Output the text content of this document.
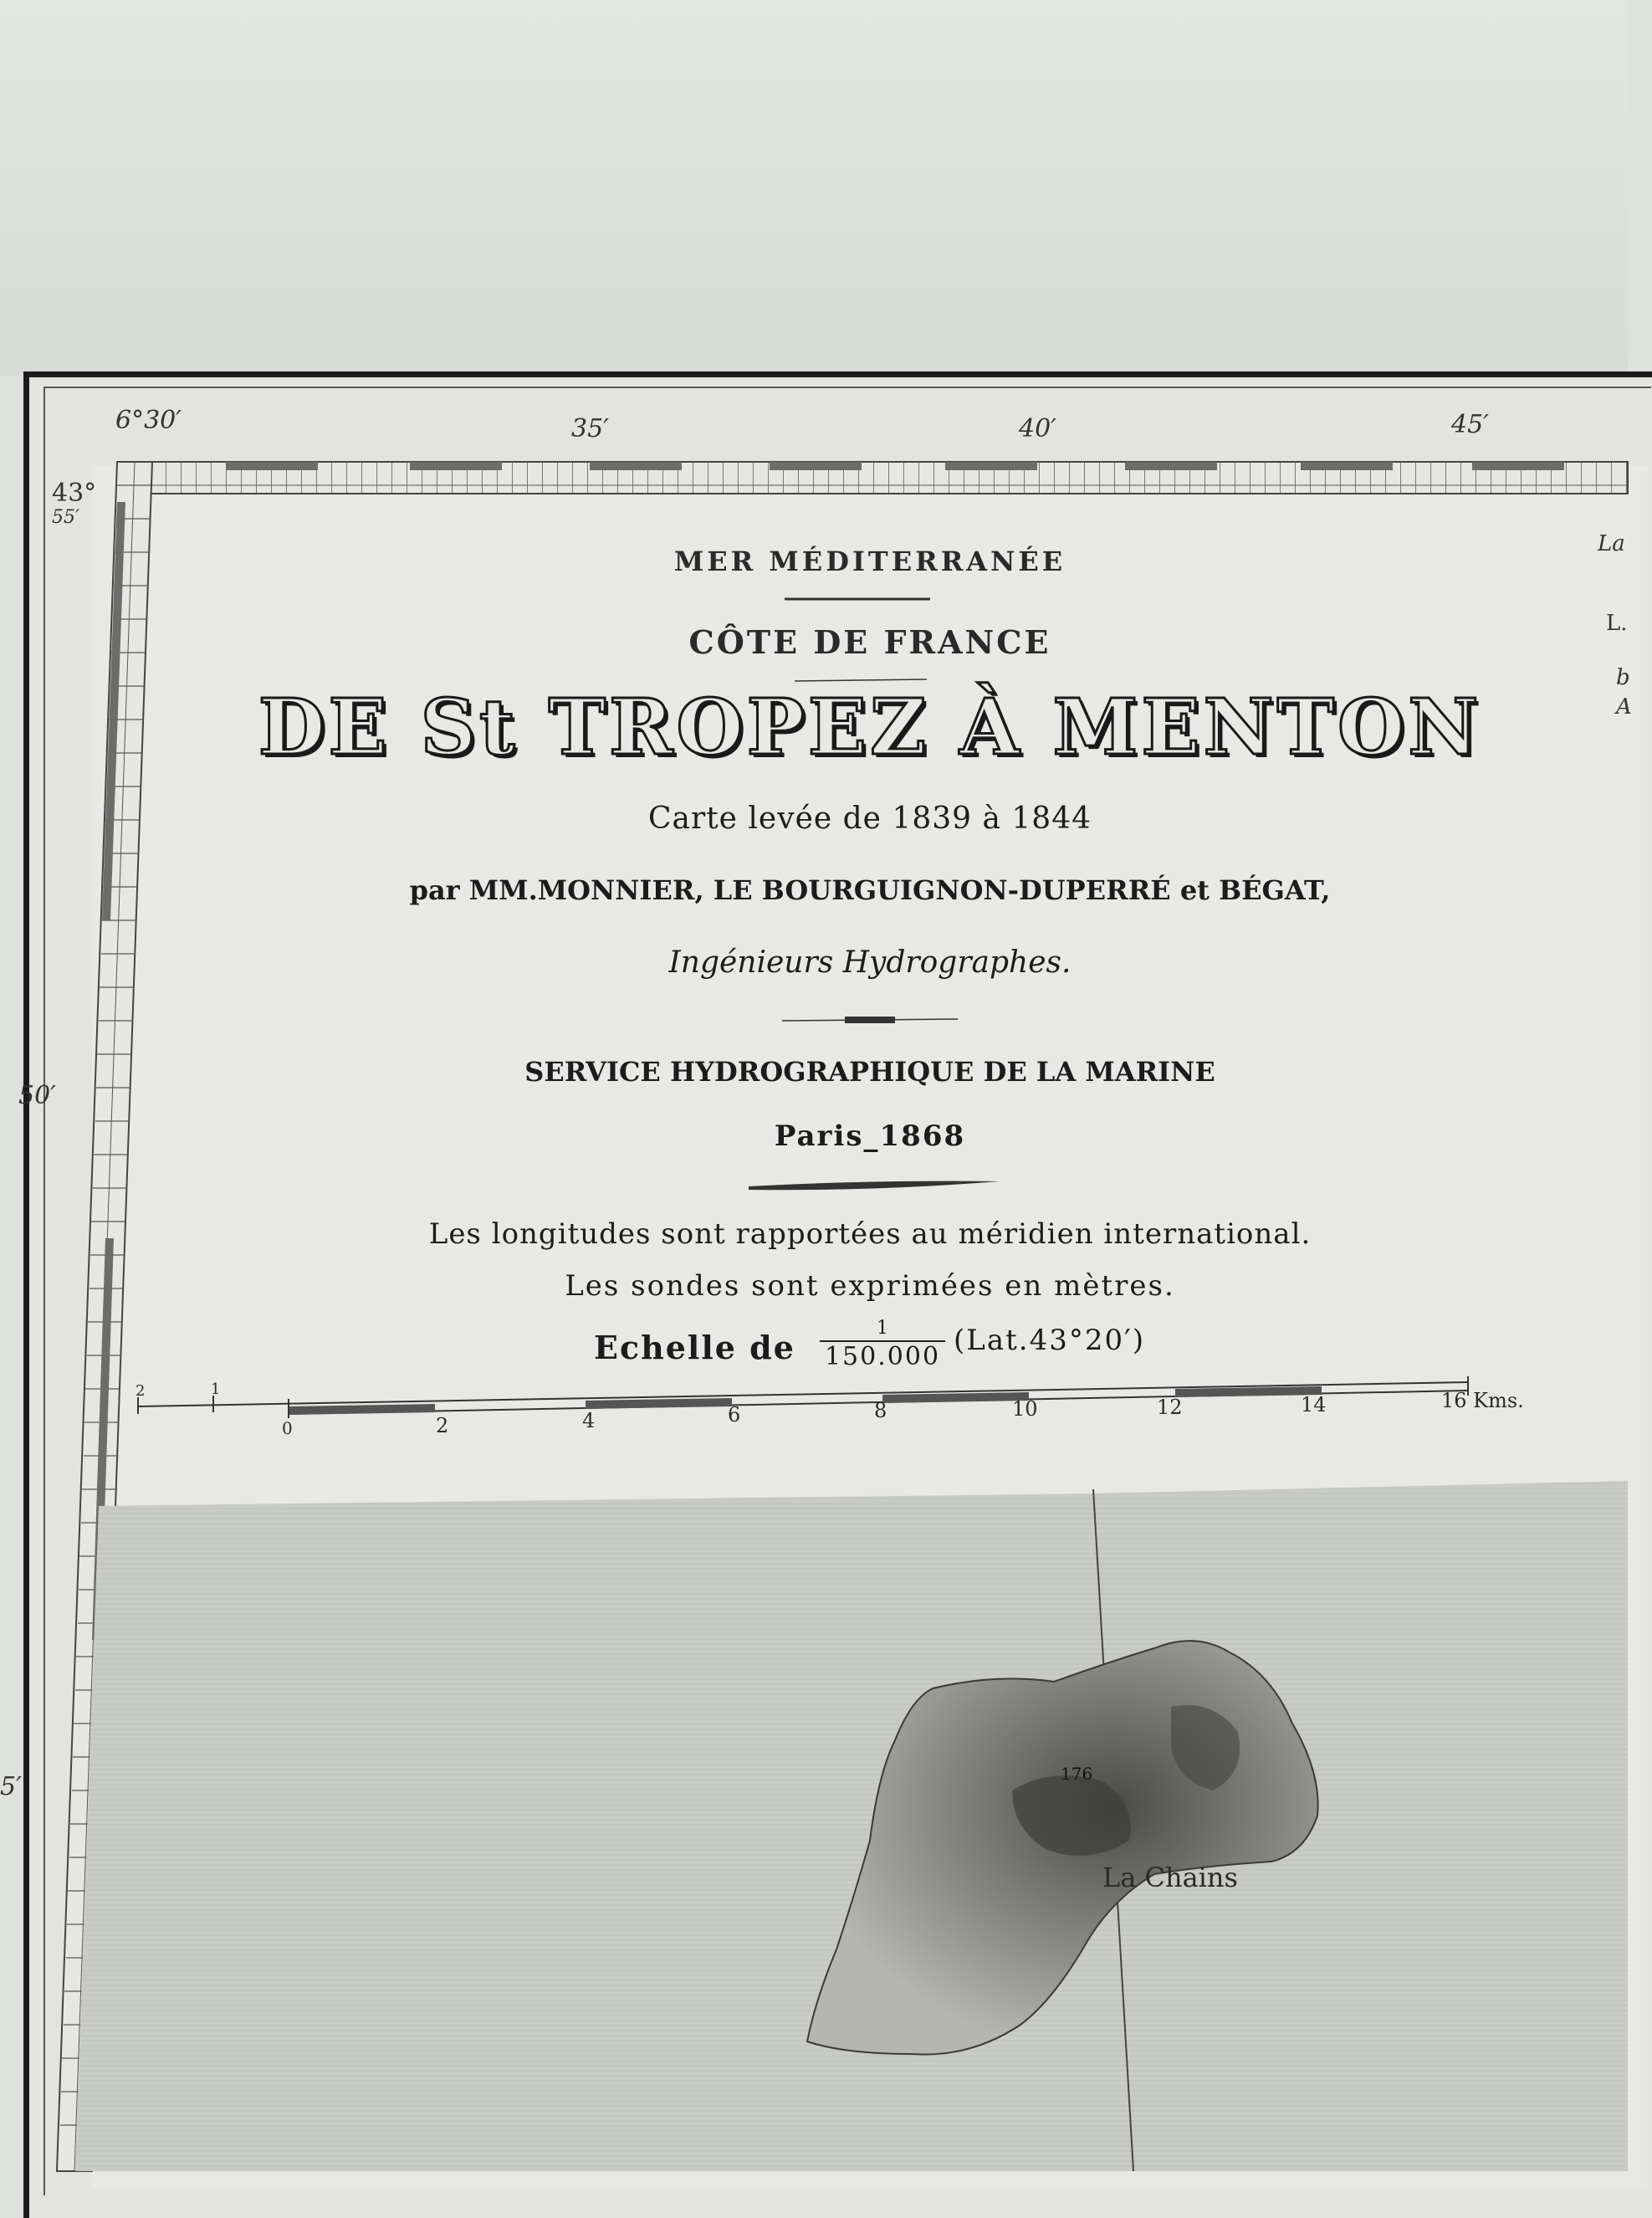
6°30′	35′	40′	45′
43°
55′
50′
5′
La
L.
b
A
MER MÉDITERRANÉE
CÔTE DE FRANCE
DE St TROPEZ À MENTON
Carte levée de 1839 à 1844
par MM.MONNIER, LE BOURGUIGNON-DUPERRÉ et BÉGAT,
Ingénieurs Hydrographes.
SERVICE HYDROGRAPHIQUE DE LA MARINE
Paris_1868
Les longitudes sont rapportées au méridien international.
Les sondes sont exprimées en mètres.
Echelle de
1
150.000 (Lat.43°20′)
2	1
0	2	4	6	8	10	12	14	16 Kms.
176
La Chains
